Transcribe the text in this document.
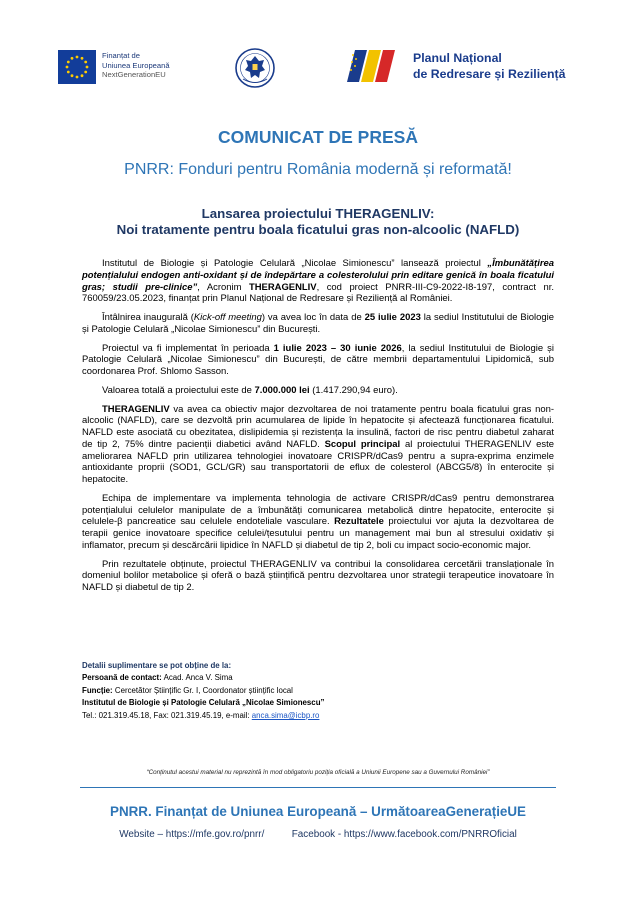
Finanțat de
Uniunea Europeană
NextGenerationEU
Planul Național
de Redresare și Reziliență
COMUNICAT DE PRESĂ
PNRR: Fonduri pentru România modernă și reformată!
Lansarea proiectului THERAGENLIV:
Noi tratamente pentru boala ficatului gras non-alcoolic (NAFLD)

Institutul de Biologie și Patologie Celulară „Nicolae Simionescu” lansează proiectul „Îmbunătățirea potențialului endogen anti-oxidant și de îndepărtare a colesterolului prin editare genică în boala ficatului gras; studii pre-clinice”, Acronim THERAGENLIV, cod proiect PNRR-III-C9-2022-I8-197, contract nr. 760059/23.05.2023, finanțat prin Planul Național de Redresare și Reziliență al României.

Întâlnirea inaugurală (Kick-off meeting) va avea loc în data de 25 iulie 2023 la sediul Institutului de Biologie și Patologie Celulară „Nicolae Simionescu” din București.

Proiectul va fi implementat în perioada 1 iulie 2023 – 30 iunie 2026, la sediul Institutului de Biologie și Patologie Celulară „Nicolae Simionescu” din București, de către membrii departamentului Lipidomică, sub coordonarea Prof. Shlomo Sasson.

Valoarea totală a proiectului este de 7.000.000 lei (1.417.290,94 euro).

THERAGENLIV va avea ca obiectiv major dezvoltarea de noi tratamente pentru boala ficatului gras non-alcoolic (NAFLD), care se dezvoltă prin acumularea de lipide în hepatocite și afectează funcționarea ficatului. NAFLD este asociată cu obezitatea, dislipidemia și rezistența la insulină, factori de risc pentru diabetul zaharat de tip 2, 75% dintre pacienții diabetici având NAFLD. Scopul principal al proiectului THERAGENLIV este ameliorarea NAFLD prin utilizarea tehnologiei inovatoare CRISPR/dCas9 pentru a supra-exprima enzimele antioxidante proprii (SOD1, GCL/GR) sau transportatorii de eflux de colesterol (ABCG5/8) în enterocite și hepatocite.

Echipa de implementare va implementa tehnologia de activare CRISPR/dCas9 pentru demonstrarea potențialului celulelor manipulate de a îmbunătăți comunicarea metabolică dintre hepatocite, enterocite și celulele-β pancreatice sau celulele endoteliale vasculare. Rezultatele proiectului vor ajuta la dezvoltarea de terapii genice inovatoare specifice celulei/țesutului pentru un management mai bun al stresului oxidativ și inflamator, precum și descărcării lipidice în NAFLD și diabetul de tip 2, boli cu impact socio-economic major.

Prin rezultatele obținute, proiectul THERAGENLIV va contribui la consolidarea cercetării translaționale în domeniul bolilor metabolice și oferă o bază științifică pentru dezvoltarea unor strategii terapeutice inovatoare în NAFLD și diabetul de tip 2.

Detalii suplimentare se pot obține de la:
Persoană de contact: Acad. Anca V. Sima
Funcție: Cercetător Științific Gr. I, Coordonator științific local
Institutul de Biologie și Patologie Celulară „Nicolae Simionescu”
Tel.: 021.319.45.18, Fax: 021.319.45.19, e-mail: anca.sima@icbp.ro
“Conținutul acestui material nu reprezintă în mod obligatoriu poziția oficială a Uniunii Europene sau a Guvernului României”
PNRR. Finanțat de Uniunea Europeană – UrmătoareaGenerațieUE
Website – https://mfe.gov.ro/pnrr/	Facebook - https://www.facebook.com/PNRROficial
